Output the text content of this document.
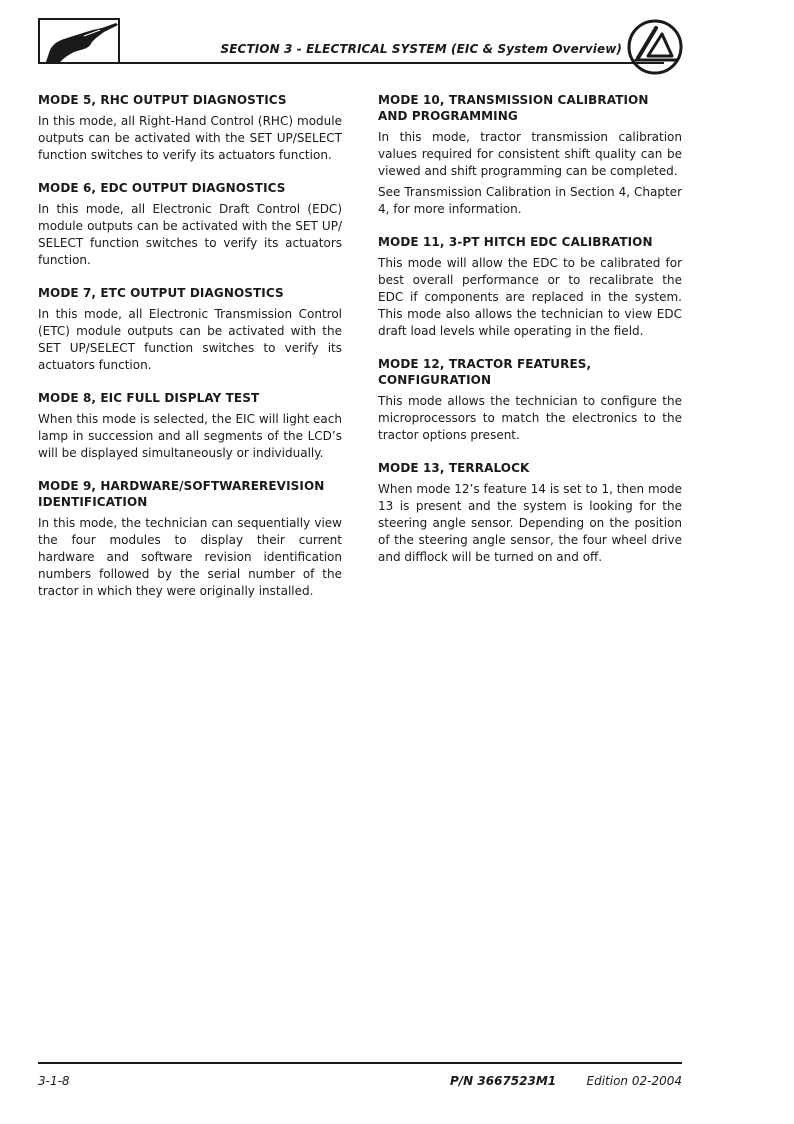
SECTION 3 - ELECTRICAL SYSTEM (EIC & System Overview)
MODE 5, RHC OUTPUT DIAGNOSTICS

In this mode, all Right-Hand Control (RHC) module outputs can be activated with the SET UP/SELECT function switches to verify its actuators function.

MODE 6, EDC OUTPUT DIAGNOSTICS

In this mode, all Electronic Draft Control (EDC) module outputs can be activated with the SET UP/ SELECT function switches to verify its actuators function.

MODE 7, ETC OUTPUT DIAGNOSTICS

In this mode, all Electronic Transmission Control (ETC) module outputs can be activated with the SET UP/SELECT function switches to verify its actuators function.

MODE 8, EIC FULL DISPLAY TEST

When this mode is selected, the EIC will light each lamp in succession and all segments of the LCD’s will be displayed simultaneously or individually.

MODE 9, HARDWARE/SOFTWAREREVISION IDENTIFICATION

In this mode, the technician can sequentially view the four modules to display their current hardware and software revision identification numbers followed by the serial number of the tractor in which they were originally installed.

MODE 10, TRANSMISSION CALIBRATION AND PROGRAMMING

In this mode, tractor transmission calibration values required for consistent shift quality can be viewed and shift programming can be completed.

See Transmission Calibration in Section 4, Chapter 4, for more information.

MODE 11, 3-PT HITCH EDC CALIBRATION

This mode will allow the EDC to be calibrated for best overall performance or to recalibrate the EDC if components are replaced in the system. This mode also allows the technician to view EDC draft load levels while operating in the field.

MODE 12, TRACTOR FEATURES, CONFIGURATION

This mode allows the technician to configure the microprocessors to match the electronics to the tractor options present.

MODE 13, TERRALOCK

When mode 12’s feature 14 is set to 1, then mode 13 is present and the system is looking for the steering angle sensor. Depending on the position of the steering angle sensor, the four wheel drive and difflock will be turned on and off.

3-1-8	P/N 3667523M1	Edition 02-2004
